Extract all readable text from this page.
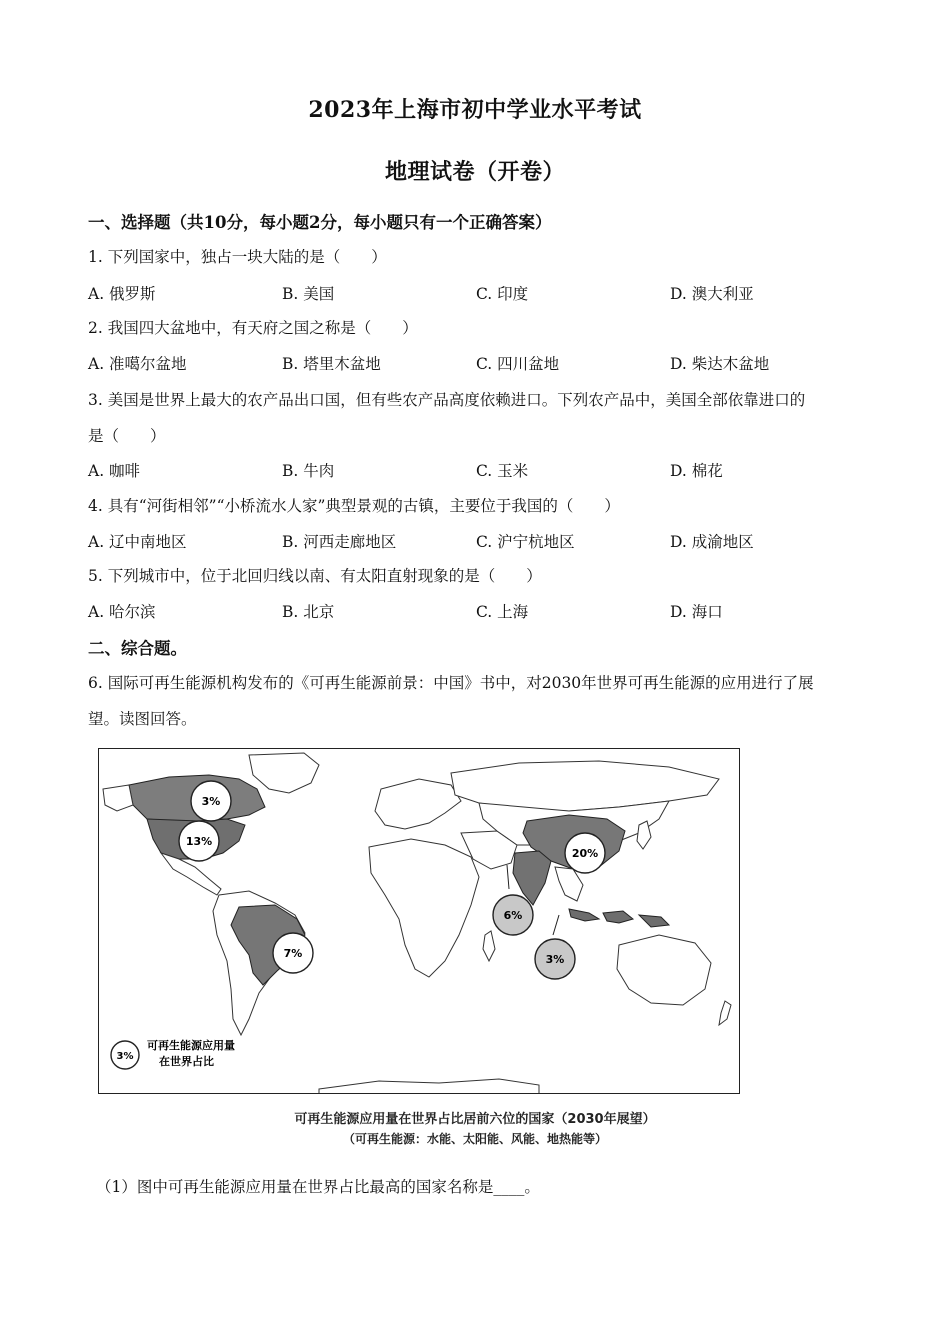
2023年上海市初中学业水平考试
地理试卷（开卷）
一、选择题（共10分，每小题2分，每小题只有一个正确答案）
1. 下列国家中，独占一块大陆的是（　　）
A. 俄罗斯	B. 美国	C. 印度	D. 澳大利亚
2. 我国四大盆地中，有天府之国之称是（　　）
A. 准噶尔盆地	B. 塔里木盆地	C. 四川盆地	D. 柴达木盆地
3. 美国是世界上最大的农产品出口国，但有些农产品高度依赖进口。下列农产品中，美国全部依靠进口的
是（　　）
A. 咖啡	B. 牛肉	C. 玉米	D. 棉花
4. 具有“河街相邻”“小桥流水人家”典型景观的古镇，主要位于我国的（　　）
A. 辽中南地区	B. 河西走廊地区	C. 沪宁杭地区	D. 成渝地区
5. 下列城市中，位于北回归线以南、有太阳直射现象的是（　　）
A. 哈尔滨	B. 北京	C. 上海	D. 海口
二、综合题。
6. 国际可再生能源机构发布的《可再生能源前景：中国》书中，对2030年世界可再生能源的应用进行了展
望。读图回答。
3%
13%
7%
6%
20%
3%
3%
可再生能源应用量
在世界占比
可再生能源应用量在世界占比居前六位的国家（2030年展望）
（可再生能源：水能、太阳能、风能、地热能等）
（1）图中可再生能源应用量在世界占比最高的国家名称是____。
